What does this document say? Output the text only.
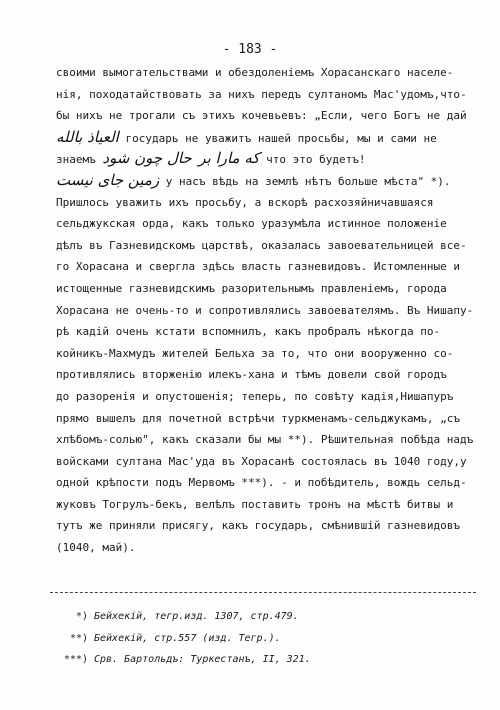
- 183 -
своими вымогательствами и обездоленіемъ Хорасанскаго населе-
нія, походатайствовать за нихъ передъ султаномъ Мас'удомъ,что-
бы нихъ не трогали съ этихъ кочевьевъ: „Если, чего Богъ не дай
العياذ بالله государь не уважитъ нашей просьбы, мы и сами не
знаемъ	که مارا بر حال چون شود	что это будетъ!
زمین جای نیست у насъ вѣдь на землѣ нѣтъ больше мѣста" *).
Пришлось уважить ихъ просьбу, а вскорѣ расхозяйничавшаяся
сельджукская орда, какъ только уразумѣла истинное положеніе
дѣлъ въ Газневидскомъ царствѣ, оказалась завоевательницей все-
го Хорасана и свергла здѣсь власть газневидовъ. Истомленные и
истощенные газневидскимъ разорительнымъ правленіемъ, города
Хорасана не очень-то и сопротивлялись завоевателямъ. Въ Нишапу-
рѣ кадій очень кстати вспомнилъ, какъ пробралъ нѣкогда по-
койникъ-Махмудъ жителей Бельха за то, что они вооруженно со-
противлялись вторженію илекъ-хана и тѣмъ довели свой городъ
до разоренія и опустошенія; теперь, по совѣту кадія,Нишапуръ
прямо вышелъ для почетной встрѣчи туркменамъ-сельджукамъ, „съ
хлѣбомъ-солью", какъ сказали бы мы **). Рѣшительная побѣда надъ
войсками султана Мас'уда въ Хорасанѣ состоялась въ 1040 году,у
одной крѣпости подъ Мервомъ ***). - и побѣдитель, вождь сельд-
жуковъ Тогрулъ-бекъ, велѣлъ поставить тронъ на мѣстѣ битвы и
тутъ же приняли присягу, какъ государь, смѣнившій газневидовъ
(1040, май).
*) Бейхекій, тегр.изд. 1307, стр.479.
**) Бейхекій, стр.557 (изд. Тегр.).
***) Срв. Бартольдъ: Туркестанъ, II, 321.
